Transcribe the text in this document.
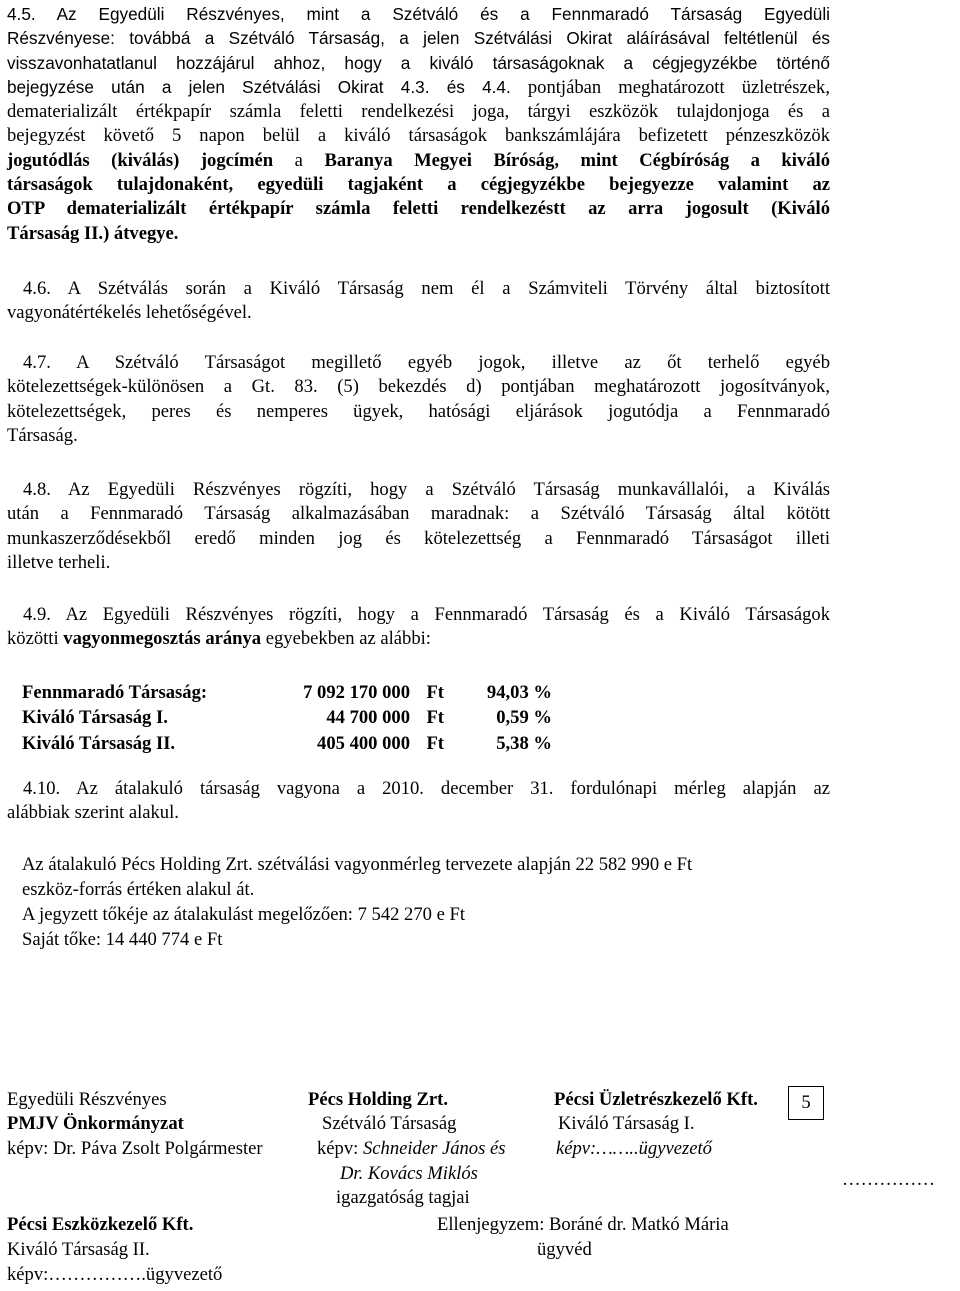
4.5. Az Egyedüli Részvényes, mint a Szétváló és a Fennmaradó Társaság Egyedüli
Részvényese: továbbá a Szétváló Társaság, a jelen Szétválási Okirat aláírásával feltétlenül és
visszavonhatatlanul hozzájárul ahhoz, hogy a kiváló társaságoknak a cégjegyzékbe történő
bejegyzése után a jelen Szétválási Okirat 4.3. és 4.4. pontjában meghatározott üzletrészek,
dematerializált értékpapír számla feletti rendelkezési joga, tárgyi eszközök tulajdonjoga és a
bejegyzést követő 5 napon belül a kiváló társaságok bankszámlájára befizetett pénzeszközök
jogutódlás (kiválás) jogcímén a Baranya Megyei Bíróság, mint Cégbíróság a kiváló
társaságok tulajdonaként, egyedüli tagjaként a cégjegyzékbe bejegyezze valamint az
OTP dematerializált értékpapír számla feletti rendelkezéstt az arra jogosult (Kiváló
Társaság II.) átvegye.

4.6. A Szétválás során a Kiváló Társaság nem él a Számviteli Törvény által biztosított
vagyonátértékelés lehetőségével.

4.7. A Szétváló Társaságot megillető egyéb jogok, illetve az őt terhelő egyéb
kötelezettségek-különösen a Gt. 83. (5) bekezdés d) pontjában meghatározott jogosítványok,
kötelezettségek, peres és nemperes ügyek, hatósági eljárások jogutódja a Fennmaradó
Társaság.

4.8. Az Egyedüli Részvényes rögzíti, hogy a Szétváló Társaság munkavállalói, a Kiválás
után a Fennmaradó Társaság alkalmazásában maradnak: a Szétváló Társaság által kötött
munkaszerződésekből eredő minden jog és kötelezettség a Fennmaradó Társaságot illeti
illetve terheli.

4.9. Az Egyedüli Részvényes rögzíti, hogy a Fennmaradó Társaság és a Kiváló Társaságok
közötti vagyonmegosztás aránya egyebekben az alábbi:

Fennmaradó Társaság:	7 092 170 000	Ft	94,03 %
Kiváló Társaság I.	44 700 000	Ft	0,59 %
Kiváló Társaság II.	405 400 000	Ft	5,38 %

4.10. Az átalakuló társaság vagyona a 2010. december 31. fordulónapi mérleg alapján az
alábbiak szerint alakul.

Az átalakuló Pécs Holding Zrt. szétválási vagyonmérleg tervezete alapján 22 582 990 e Ft

eszköz-forrás értéken alakul át.

A jegyzett tőkéje az átalakulást megelőzően: 7 542 270 e Ft

Saját tőke: 14 440 774 e Ft

Egyedüli Részvényes

PMJV Önkormányzat

képv: Dr. Páva Zsolt Polgármester

Pécs Holding Zrt.

Szétváló Társaság

képv: Schneider János és

Dr. Kovács Miklós

igazgatóság tagjai

Pécsi Üzletrészkezelő Kft.

Kiváló Társaság I.

képv:……..ügyvezető

5

……………

Pécsi Eszközkezelő Kft.

Kiváló Társaság II.

képv:…………….ügyvezető

Ellenjegyzem: Boráné dr. Matkó Mária

ügyvéd
